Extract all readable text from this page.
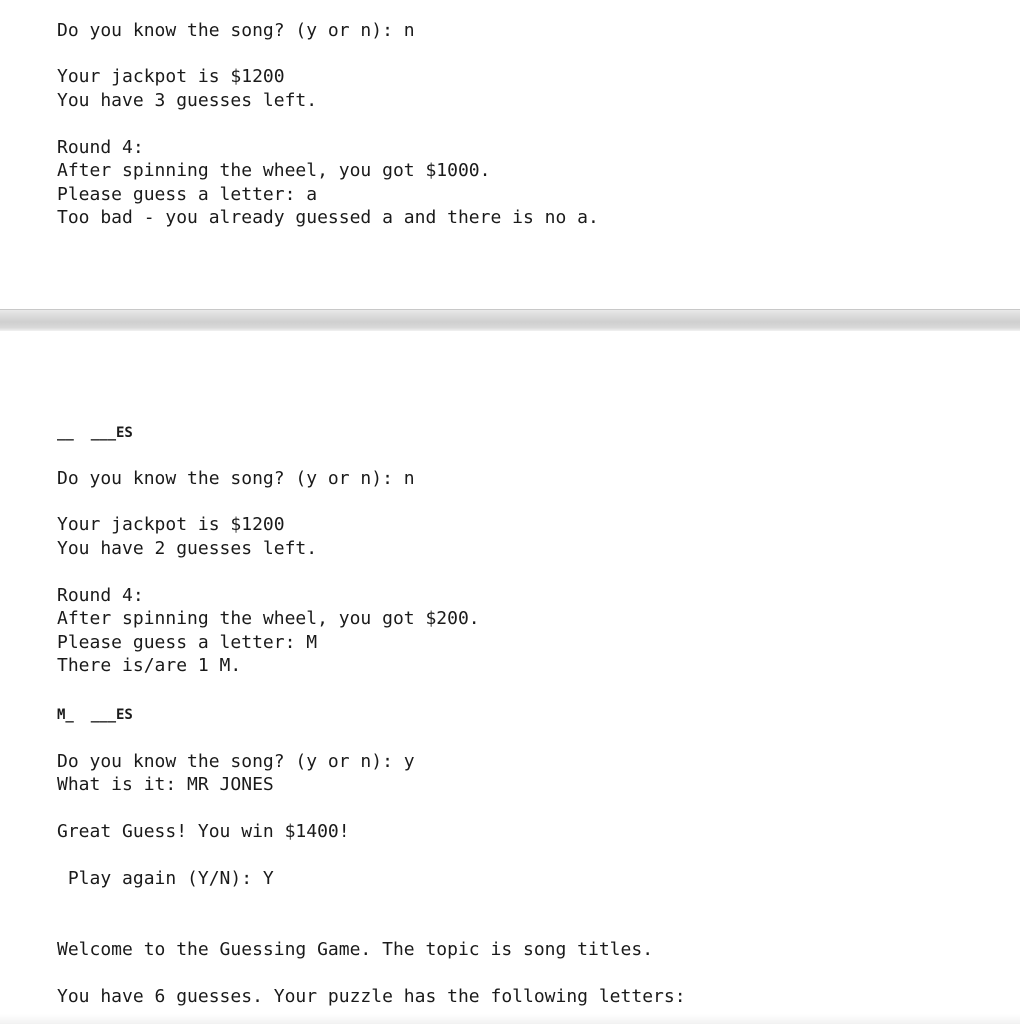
Do you know the song? (y or n): n
Your jackpot is $1200
You have 3 guesses left.
Round 4:
After spinning the wheel, you got $1000.
Please guess a letter: a
Too bad - you already guessed a and there is no a.
__  ___ES
Do you know the song? (y or n): n
Your jackpot is $1200
You have 2 guesses left.
Round 4:
After spinning the wheel, you got $200.
Please guess a letter: M
There is/are 1 M.
M_  ___ES
Do you know the song? (y or n): y
What is it: MR JONES
Great Guess! You win $1400!
Play again (Y/N): Y
Welcome to the Guessing Game. The topic is song titles.
You have 6 guesses. Your puzzle has the following letters:
